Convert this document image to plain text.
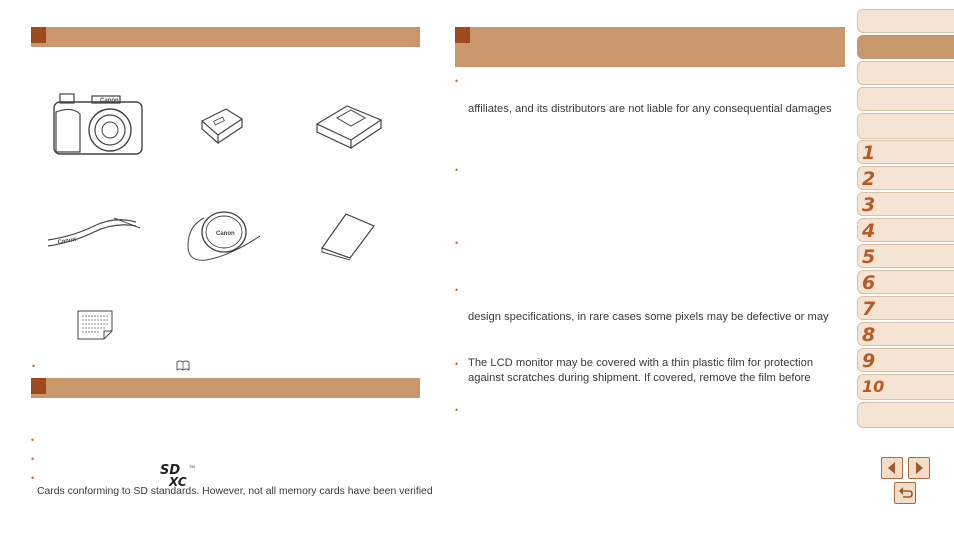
Canon
Canon
Canon
•
•
•
•	SD
XC
TM
Cards conforming to SD standards. However, not all memory cards have been verified
•
affiliates, and its distributors are not liable for any consequential damages
•
•
•
design specifications, in rare cases some pixels may be defective or may
• The LCD monitor may be covered with a thin plastic film for protection
against scratches during shipment. If covered, remove the film before
•
1
2
3
4
5
6
7
8
9
10
